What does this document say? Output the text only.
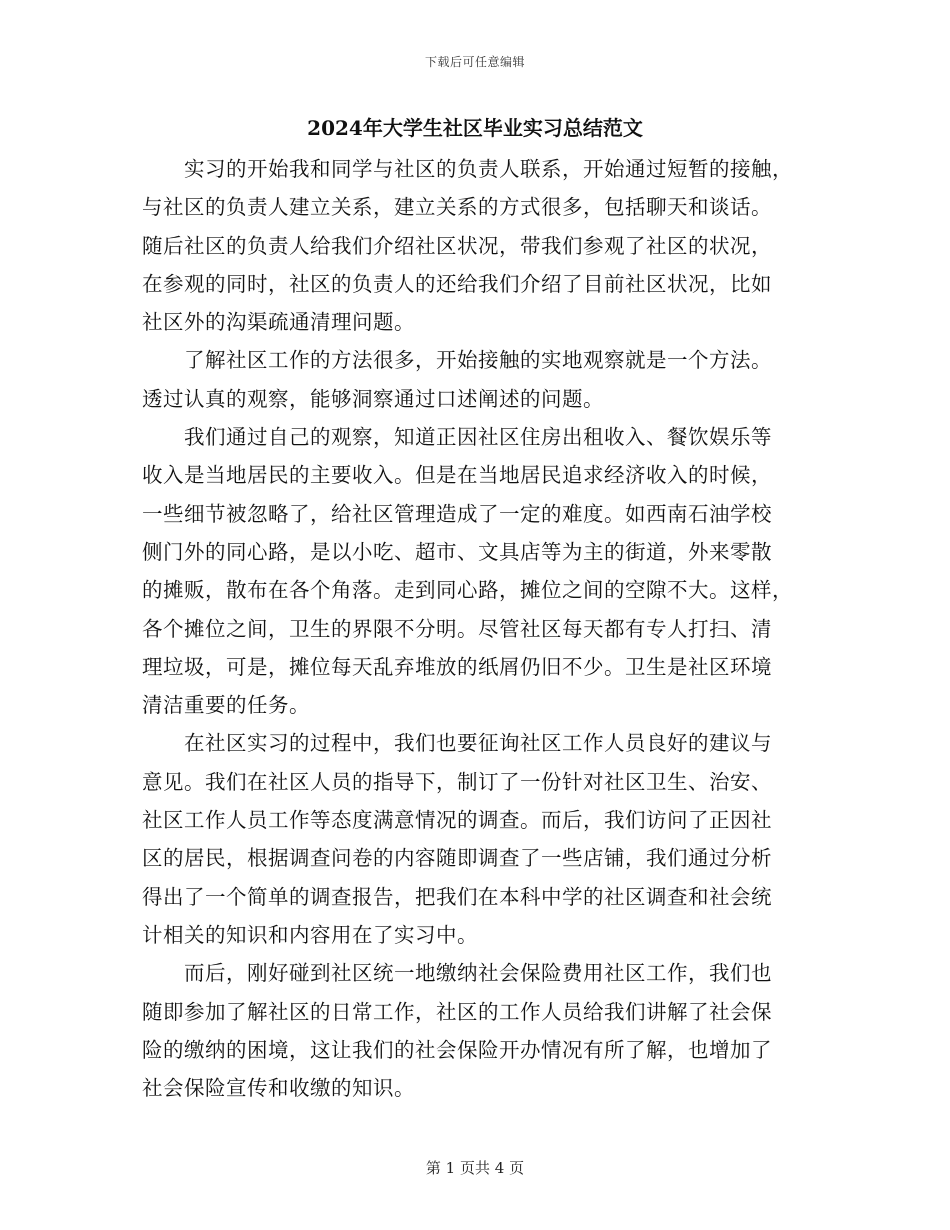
下载后可任意编辑
2024年大学生社区毕业实习总结范文

　　实习的开始我和同学与社区的负责人联系，开始通过短暂的接触，
与社区的负责人建立关系，建立关系的方式很多，包括聊天和谈话。
随后社区的负责人给我们介绍社区状况，带我们参观了社区的状况，
在参观的同时，社区的负责人的还给我们介绍了目前社区状况，比如
社区外的沟渠疏通清理问题。

　　了解社区工作的方法很多，开始接触的实地观察就是一个方法。
透过认真的观察，能够洞察通过口述阐述的问题。

　　我们通过自己的观察，知道正因社区住房出租收入、餐饮娱乐等
收入是当地居民的主要收入。但是在当地居民追求经济收入的时候，
一些细节被忽略了，给社区管理造成了一定的难度。如西南石油学校
侧门外的同心路，是以小吃、超市、文具店等为主的街道，外来零散
的摊贩，散布在各个角落。走到同心路，摊位之间的空隙不大。这样，
各个摊位之间，卫生的界限不分明。尽管社区每天都有专人打扫、清
理垃圾，可是，摊位每天乱弃堆放的纸屑仍旧不少。卫生是社区环境
清洁重要的任务。

　　在社区实习的过程中，我们也要征询社区工作人员良好的建议与
意见。我们在社区人员的指导下，制订了一份针对社区卫生、治安、
社区工作人员工作等态度满意情况的调查。而后，我们访问了正因社
区的居民，根据调查问卷的内容随即调查了一些店铺，我们通过分析
得出了一个简单的调查报告，把我们在本科中学的社区调查和社会统
计相关的知识和内容用在了实习中。

　　而后，刚好碰到社区统一地缴纳社会保险费用社区工作，我们也
随即参加了解社区的日常工作，社区的工作人员给我们讲解了社会保
险的缴纳的困境，这让我们的社会保险开办情况有所了解，也增加了
社会保险宣传和收缴的知识。

第 1 页共 4 页
